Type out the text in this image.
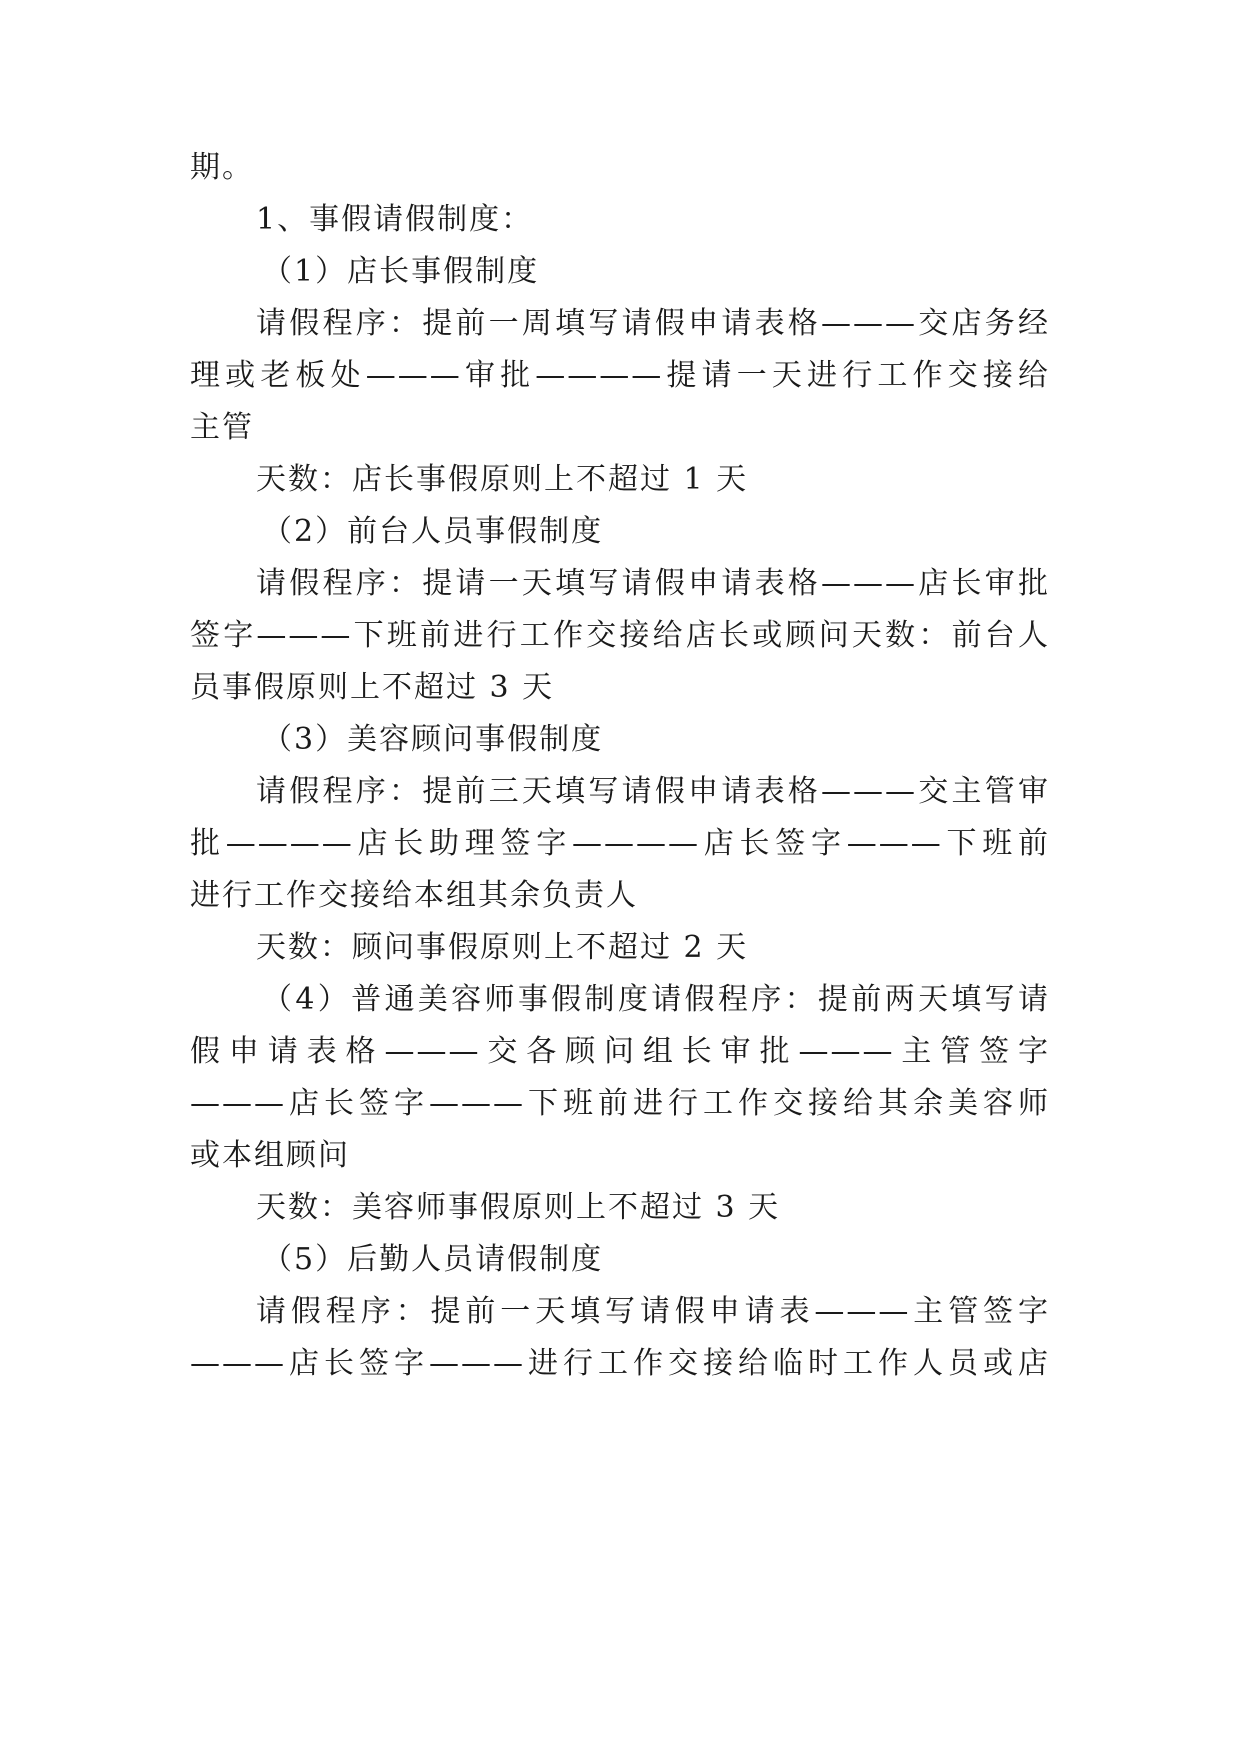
期。
1、事假请假制度：
（1）店长事假制度
请假程序：提前一周填写请假申请表格———交店务经
理或老板处———审批————提请一天进行工作交接给
主管
天数：店长事假原则上不超过 1 天
（2）前台人员事假制度
请假程序：提请一天填写请假申请表格———店长审批
签字———下班前进行工作交接给店长或顾问天数：前台人
员事假原则上不超过 3 天
（3）美容顾问事假制度
请假程序：提前三天填写请假申请表格———交主管审
批————店长助理签字————店长签字———下班前
进行工作交接给本组其余负责人
天数：顾问事假原则上不超过 2 天
（4）普通美容师事假制度请假程序：提前两天填写请
假申请表格———交各顾问组长审批———主管签字
———店长签字———下班前进行工作交接给其余美容师
或本组顾问
天数：美容师事假原则上不超过 3 天
（5）后勤人员请假制度
请假程序：提前一天填写请假申请表———主管签字
———店长签字———进行工作交接给临时工作人员或店
